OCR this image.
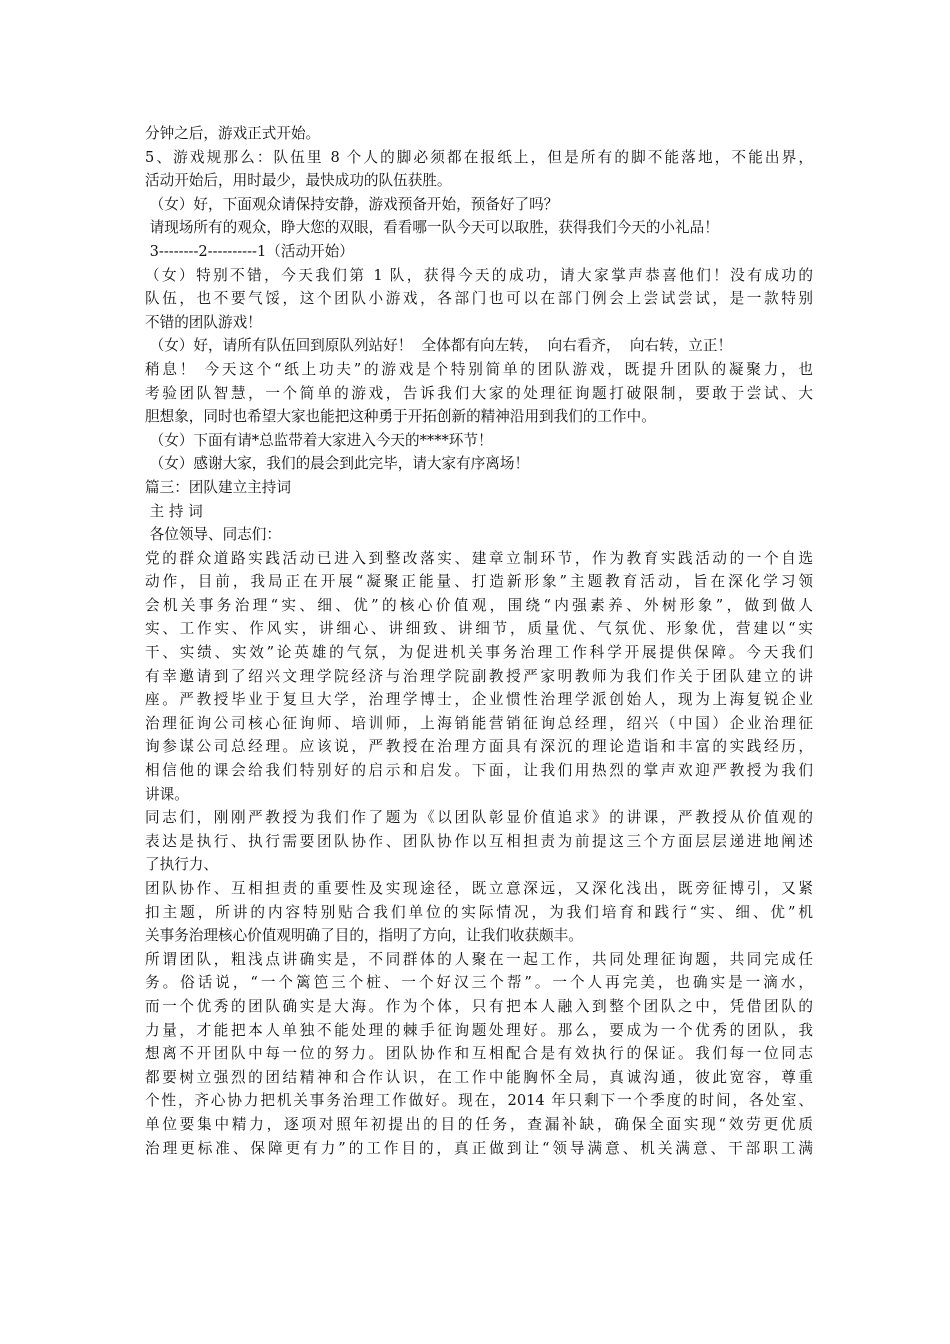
分钟之后，游戏正式开始。
5、游戏规那么：队伍里 8 个人的脚必须都在报纸上，但是所有的脚不能落地，不能出界，
活动开始后，用时最少，最快成功的队伍获胜。
（女）好，下面观众请保持安静，游戏预备开始，预备好了吗？
请现场所有的观众，睁大您的双眼，看看哪一队今天可以取胜，获得我们今天的小礼品！
3--------2----------1（活动开始）
（女）特别不错，今天我们第 1 队，获得今天的成功，请大家掌声恭喜他们！没有成功的
队伍，也不要气馁，这个团队小游戏，各部门也可以在部门例会上尝试尝试，是一款特别
不错的团队游戏！
（女）好，请所有队伍回到原队列站好！  全体都有向左转，  向右看齐，  向右转，立正！
稍息！ 今天这个“纸上功夫”的游戏是个特别简单的团队游戏，既提升团队的凝聚力，也
考验团队智慧，一个简单的游戏，告诉我们大家的处理征询题打破限制，要敢于尝试、大
胆想象，同时也希望大家也能把这种勇于开拓创新的精神沿用到我们的工作中。
（女）下面有请*总监带着大家进入今天的****环节！
（女）感谢大家，我们的晨会到此完毕，请大家有序离场！
篇三：团队建立主持词
主 持 词
各位领导、同志们：
党的群众道路实践活动已进入到整改落实、建章立制环节，作为教育实践活动的一个自选
动作，目前，我局正在开展“凝聚正能量、打造新形象”主题教育活动，旨在深化学习领
会机关事务治理“实、细、优”的核心价值观，围绕“内强素养、外树形象”，做到做人
实、工作实、作风实，讲细心、讲细致、讲细节，质量优、气氛优、形象优，营建以“实
干、实绩、实效”论英雄的气氛，为促进机关事务治理工作科学开展提供保障。今天我们
有幸邀请到了绍兴文理学院经济与治理学院副教授严家明教师为我们作关于团队建立的讲
座。严教授毕业于复旦大学，治理学博士，企业惯性治理学派创始人，现为上海复锐企业
治理征询公司核心征询师、培训师，上海销能营销征询总经理，绍兴（中国）企业治理征
询参谋公司总经理。应该说，严教授在治理方面具有深沉的理论造诣和丰富的实践经历，
相信他的课会给我们特别好的启示和启发。下面，让我们用热烈的掌声欢迎严教授为我们
讲课。
同志们，刚刚严教授为我们作了题为《以团队彰显价值追求》的讲课，严教授从价值观的
表达是执行、执行需要团队协作、团队协作以互相担责为前提这三个方面层层递进地阐述
了执行力、
团队协作、互相担责的重要性及实现途径，既立意深远，又深化浅出，既旁征博引，又紧
扣主题，所讲的内容特别贴合我们单位的实际情况，为我们培育和践行“实、细、优”机
关事务治理核心价值观明确了目的，指明了方向，让我们收获颇丰。
所谓团队，粗浅点讲确实是，不同群体的人聚在一起工作，共同处理征询题，共同完成任
务。俗话说，“一个篱笆三个桩、一个好汉三个帮”。一个人再完美，也确实是一滴水，
而一个优秀的团队确实是大海。作为个体，只有把本人融入到整个团队之中，凭借团队的
力量，才能把本人单独不能处理的棘手征询题处理好。那么，要成为一个优秀的团队，我
想离不开团队中每一位的努力。团队协作和互相配合是有效执行的保证。我们每一位同志
都要树立强烈的团结精神和合作认识，在工作中能胸怀全局，真诚沟通，彼此宽容，尊重
个性，齐心协力把机关事务治理工作做好。现在，2014 年只剩下一个季度的时间，各处室、
单位要集中精力，逐项对照年初提出的目的任务，查漏补缺，确保全面实现“效劳更优质
治理更标准、保障更有力”的工作目的，真正做到让“领导满意、机关满意、干部职工满
